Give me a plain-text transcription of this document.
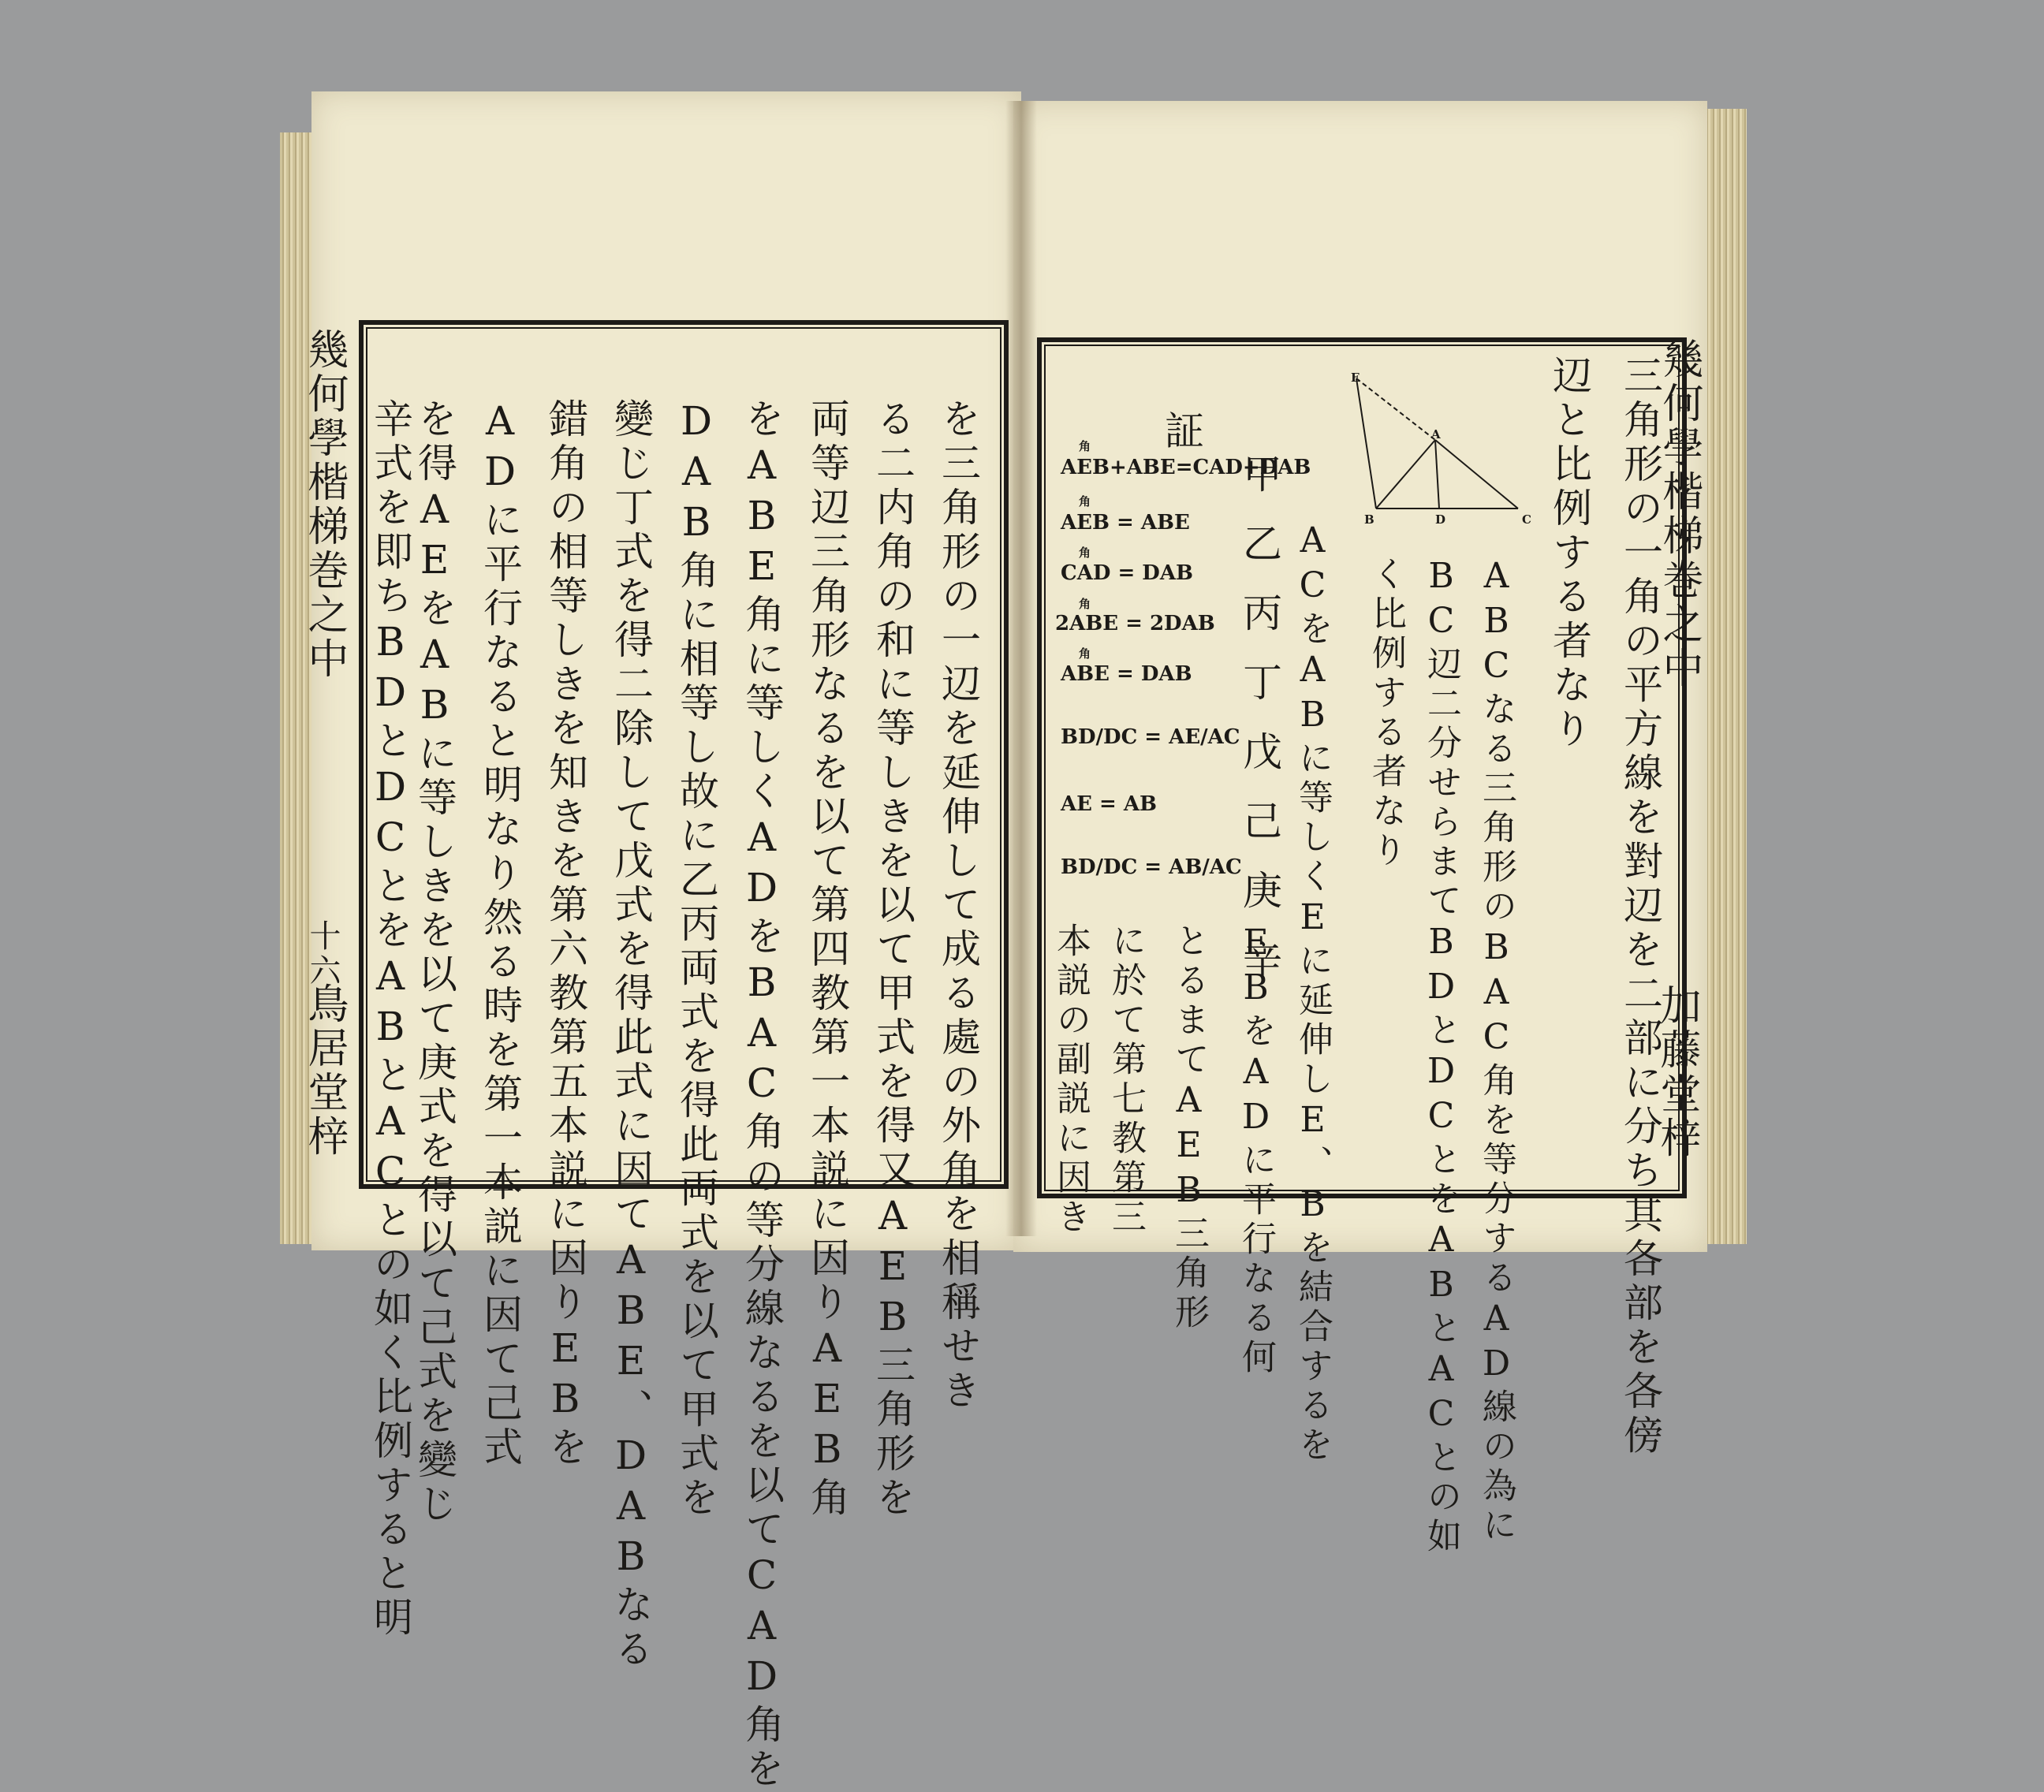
幾何學楷梯巻之中
十六
鳥居堂梓
幾何學楷梯巻之中
加藤堂梓
を三角形の一辺を延伸して成る處の外角を相稱せき
る二内角の和に等しきを以て甲式を得又AEB三角形を
両等辺三角形なるを以て第四教第一本説に因りAEB角
をABE角に等しくADをBAC角の等分線なるを以てCAD角を
DAB角に相等し故に乙丙両式を得此両式を以て甲式を
變じ丁式を得二除して戊式を得此式に因てABE、DABなる
錯角の相等しきを知きを第六教第五本説に因りEBを
ADに平行なると明なり然る時を第一本説に因て己式
を得AEをABに等しきを以て庚式を得以て己式を變じ
辛式を即ちBDとDCとをABとACとの如く比例すると明	三角形の一角の平方線を對辺を二部に分ち其各部を各傍
辺と比例する者なり
ABCなる三角形のBAC角を等分するAD線の為に
BC辺二分せらまてBDとDCとをABとACとの如
く比例する者なり
ACをABに等しくEに延伸しE、Bを結合するを
甲乙丙丁戊己庚辛
EBをADに平行なる何
とるまてAEB三角形
に於て第七教第三
本説の副説に因き
証
AEB+ABE=CAD+DAB
AEB = ABE
CAD = DAB
2ABE = 2DAB
ABE = DAB
BD/DC = AE/AC
AE = AB
BD/DC = AB/AC
角
角
角
角
角
E
A
B	D	C
